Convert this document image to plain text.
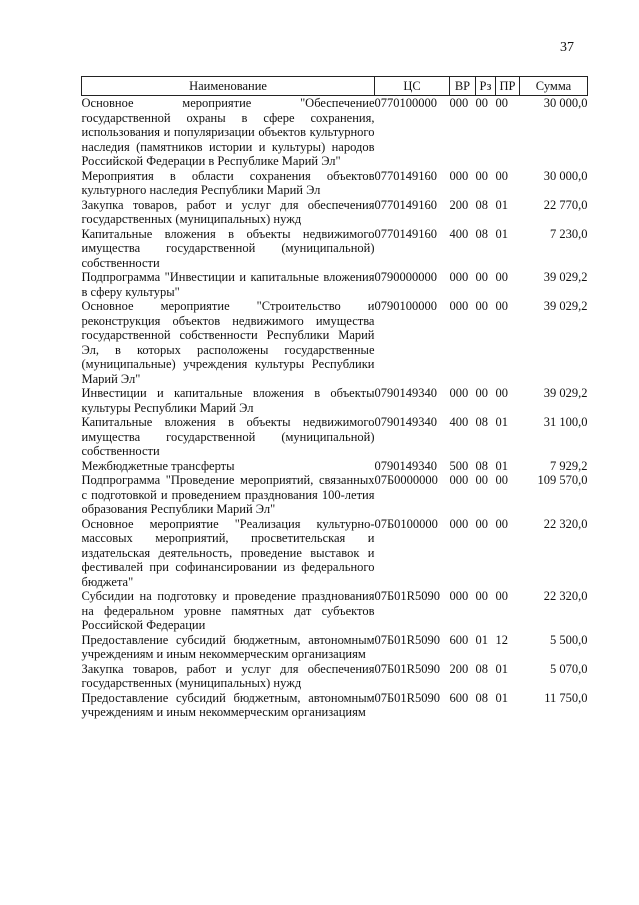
37
Наименование	ЦС	ВР	Рз	ПР	Сумма
Основное мероприятие "Обеспечение государственной охраны в сфере сохранения, использования и популяризации объектов культурного наследия (памятников истории и культуры) народов Российской Федерации в Республике Марий Эл"	0770100000	000	00	00	30 000,0
Мероприятия в области сохранения объектов культурного наследия Республики Марий Эл	0770149160	000	00	00	30 000,0
Закупка товаров, работ и услуг для обеспечения государственных (муниципальных) нужд	0770149160	200	08	01	22 770,0
Капитальные вложения в объекты недвижимого имущества государственной (муниципальной) собственности	0770149160	400	08	01	7 230,0
Подпрограмма "Инвестиции и капитальные вложения в сферу культуры"	0790000000	000	00	00	39 029,2
Основное мероприятие "Строительство и реконструкция объектов недвижимого имущества государственной собственности Республики Марий Эл, в которых расположены государственные (муниципальные) учреждения культуры Республики Марий Эл"	0790100000	000	00	00	39 029,2
Инвестиции и капитальные вложения в объекты культуры Республики Марий Эл	0790149340	000	00	00	39 029,2
Капитальные вложения в объекты недвижимого имущества государственной (муниципальной) собственности	0790149340	400	08	01	31 100,0
Межбюджетные трансферты	0790149340	500	08	01	7 929,2
Подпрограмма "Проведение мероприятий, связанных с подготовкой и проведением празднования 100-летия образования Республики Марий Эл"	07Б0000000	000	00	00	109 570,0
Основное мероприятие "Реализация культурно-массовых мероприятий, просветительская и издательская деятельность, проведение выставок и фестивалей при софинансировании из федерального бюджета"	07Б0100000	000	00	00	22 320,0
Субсидии на подготовку и проведение празднования на федеральном уровне памятных дат субъектов Российской Федерации	07Б01R5090	000	00	00	22 320,0
Предоставление субсидий бюджетным, автономным учреждениям и иным некоммерческим организациям	07Б01R5090	600	01	12	5 500,0
Закупка товаров, работ и услуг для обеспечения государственных (муниципальных) нужд	07Б01R5090	200	08	01	5 070,0
Предоставление субсидий бюджетным, автономным учреждениям и иным некоммерческим организациям	07Б01R5090	600	08	01	11 750,0
